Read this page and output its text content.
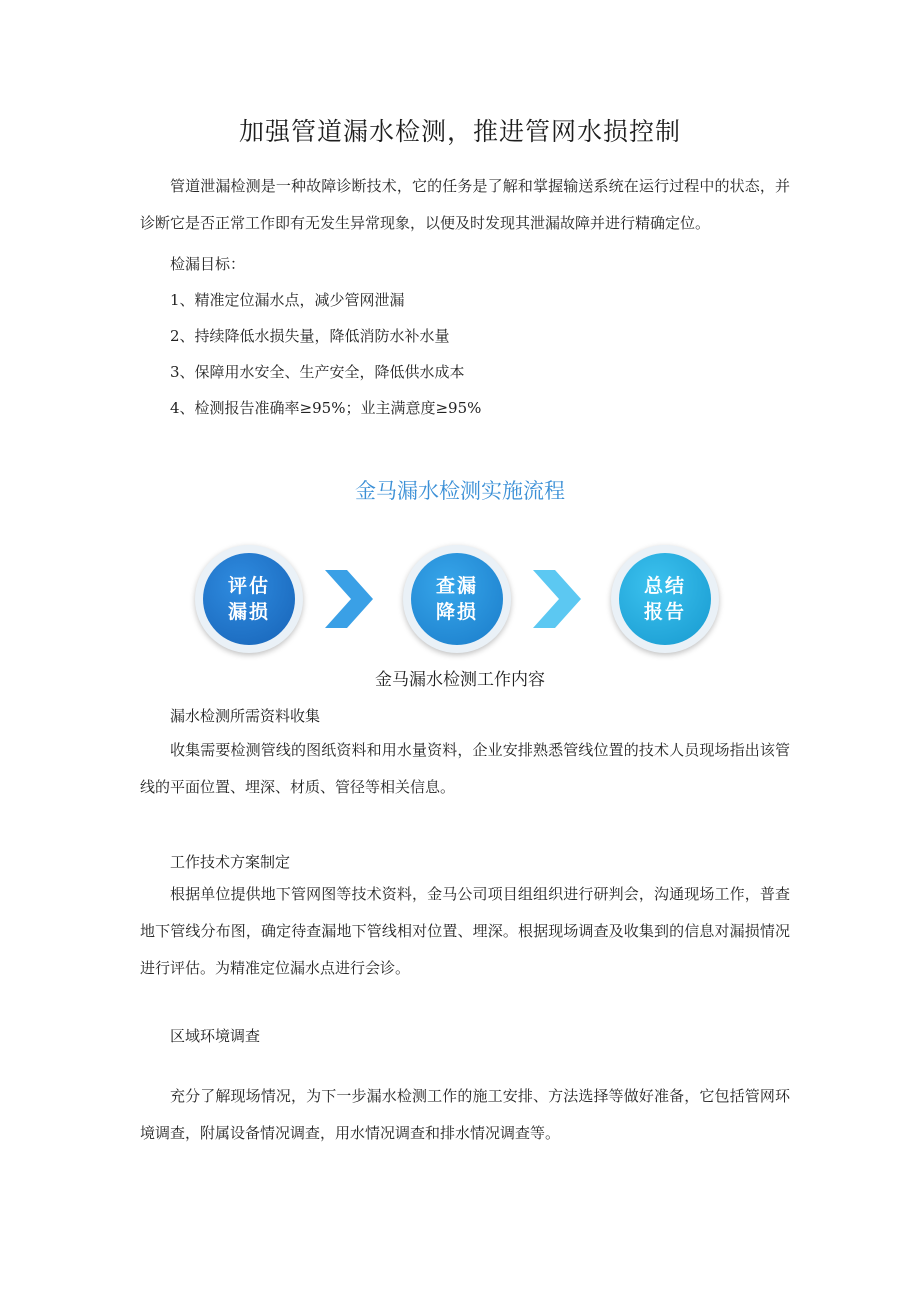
加强管道漏水检测，推进管网水损控制
管道泄漏检测是一种故障诊断技术，它的任务是了解和掌握输送系统在运行过程中的状态，并诊断它是否正常工作即有无发生异常现象，以便及时发现其泄漏故障并进行精确定位。
检漏目标：
1、精准定位漏水点，减少管网泄漏
2、持续降低水损失量，降低消防水补水量
3、保障用水安全、生产安全，降低供水成本
4、检测报告准确率≥95%；业主满意度≥95%
金马漏水检测实施流程
评估
漏损
查漏
降损
总结
报告
金马漏水检测工作内容
漏水检测所需资料收集
收集需要检测管线的图纸资料和用水量资料，企业安排熟悉管线位置的技术人员现场指出该管线的平面位置、埋深、材质、管径等相关信息。
工作技术方案制定
根据单位提供地下管网图等技术资料，金马公司项目组组织进行研判会，沟通现场工作，普查地下管线分布图，确定待查漏地下管线相对位置、埋深。根据现场调查及收集到的信息对漏损情况进行评估。为精准定位漏水点进行会诊。
区域环境调查
充分了解现场情况，为下一步漏水检测工作的施工安排、方法选择等做好准备，它包括管网环境调查，附属设备情况调查，用水情况调查和排水情况调查等。
